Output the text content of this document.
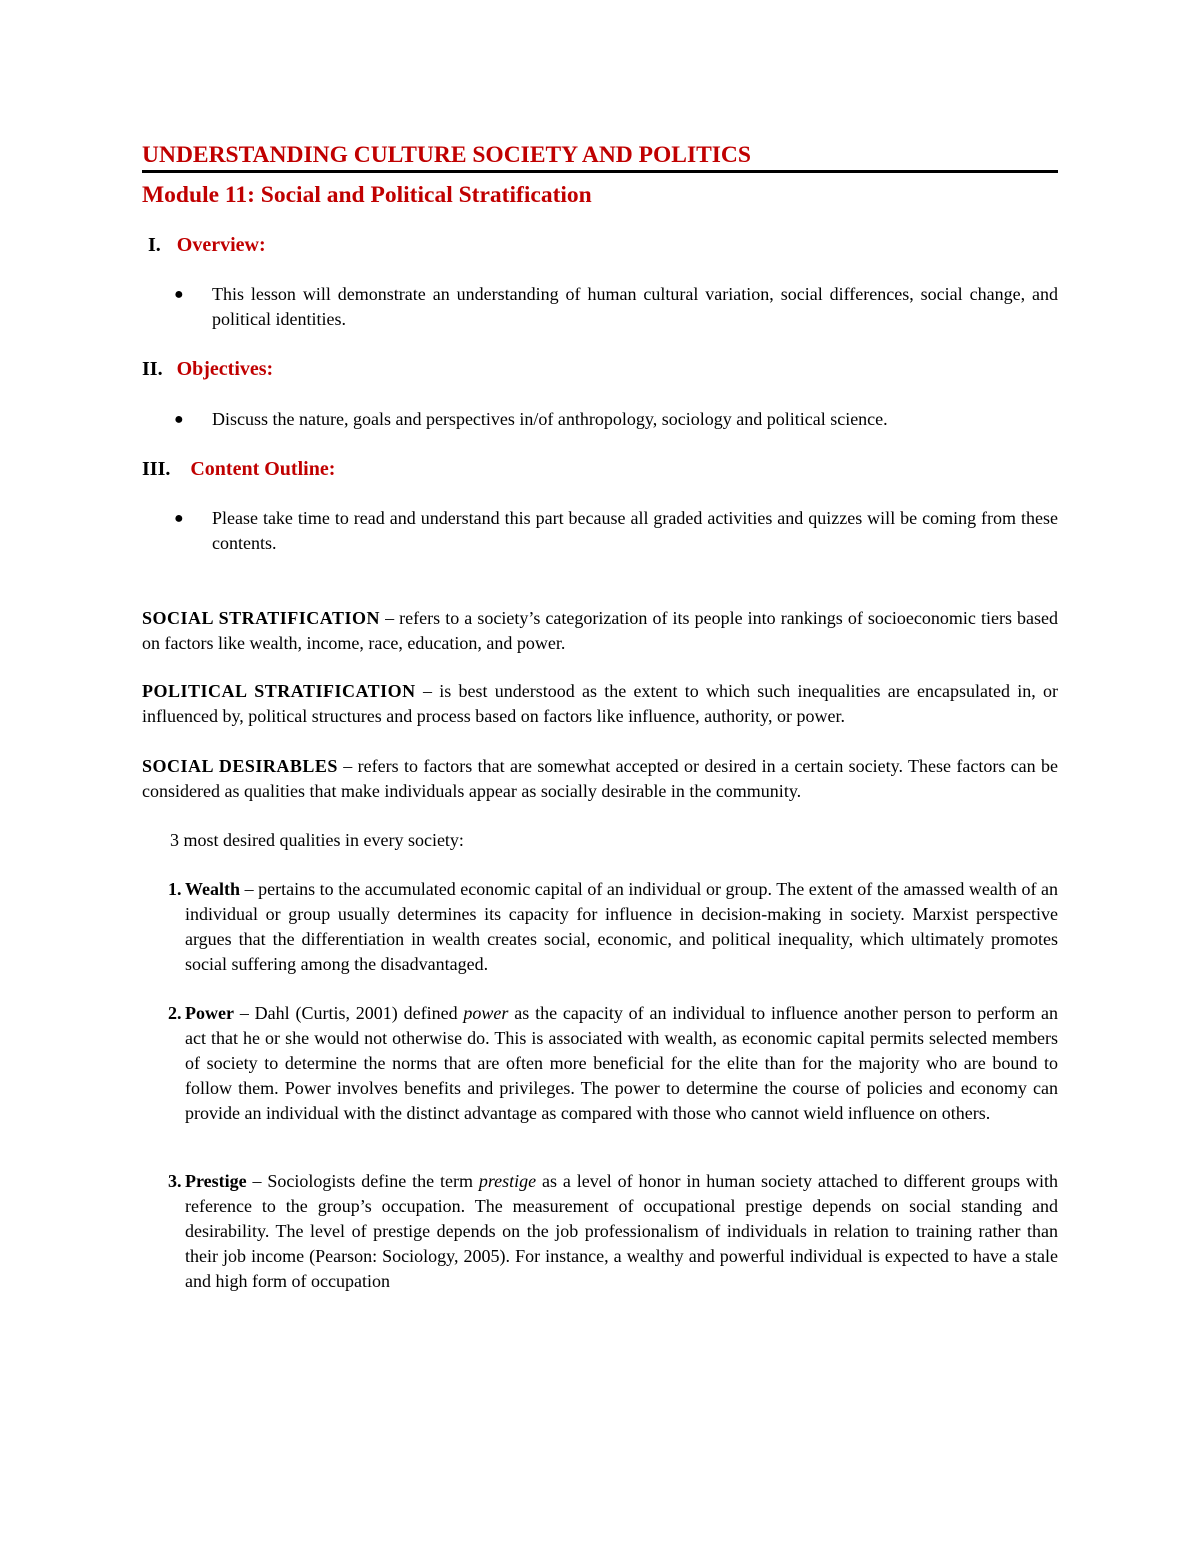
UNDERSTANDING CULTURE SOCIETY AND POLITICS
Module 11: Social and Political Stratification
I. Overview:
● This lesson will demonstrate an understanding of human cultural variation, social differences, social change, and political identities.
II. Objectives:
● Discuss the nature, goals and perspectives in/of anthropology, sociology and political science.
III. Content Outline:
● Please take time to read and understand this part because all graded activities and quizzes will be coming from these contents.
SOCIAL STRATIFICATION – refers to a society’s categorization of its people into rankings of socioeconomic tiers based on factors like wealth, income, race, education, and power.
POLITICAL STRATIFICATION – is best understood as the extent to which such inequalities are encapsulated in, or influenced by, political structures and process based on factors like influence, authority, or power.
SOCIAL DESIRABLES – refers to factors that are somewhat accepted or desired in a certain society. These factors can be considered as qualities that make individuals appear as socially desirable in the community.
3 most desired qualities in every society:
1. Wealth – pertains to the accumulated economic capital of an individual or group. The extent of the amassed wealth of an individual or group usually determines its capacity for influence in decision-making in society. Marxist perspective argues that the differentiation in wealth creates social, economic, and political inequality, which ultimately promotes social suffering among the disadvantaged.
2. Power – Dahl (Curtis, 2001) defined power as the capacity of an individual to influence another person to perform an act that he or she would not otherwise do. This is associated with wealth, as economic capital permits selected members of society to determine the norms that are often more beneficial for the elite than for the majority who are bound to follow them. Power involves benefits and privileges. The power to determine the course of policies and economy can provide an individual with the distinct advantage as compared with those who cannot wield influence on others.
3. Prestige – Sociologists define the term prestige as a level of honor in human society attached to different groups with reference to the group’s occupation. The measurement of occupational prestige depends on social standing and desirability. The level of prestige depends on the job professionalism of individuals in relation to training rather than their job income (Pearson: Sociology, 2005). For instance, a wealthy and powerful individual is expected to have a stale and high form of occupation
